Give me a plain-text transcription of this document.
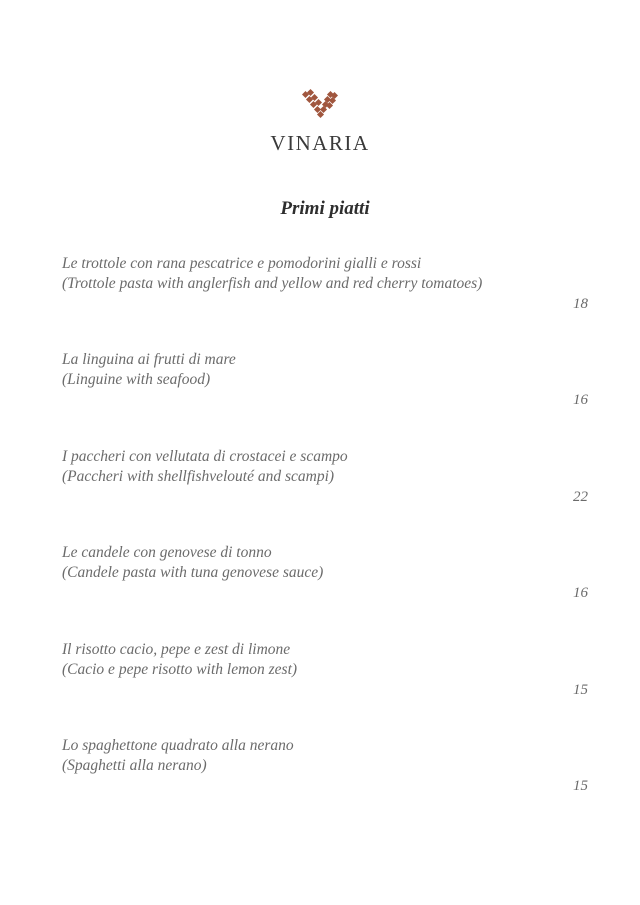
VINARIA
Primi piatti
Le trottole con rana pescatrice e pomodorini gialli e rossi
(Trottole pasta with anglerfish and yellow and red cherry tomatoes)
18
La linguina ai frutti di mare
(Linguine with seafood)
16
I paccheri con vellutata di crostacei e scampo
(Paccheri with shellfishvelouté and scampi)
22
Le candele con genovese di tonno
(Candele pasta with tuna genovese sauce)
16
Il risotto cacio, pepe e zest di limone
(Cacio e pepe risotto with lemon zest)
15
Lo spaghettone quadrato alla nerano
(Spaghetti alla nerano)
15
